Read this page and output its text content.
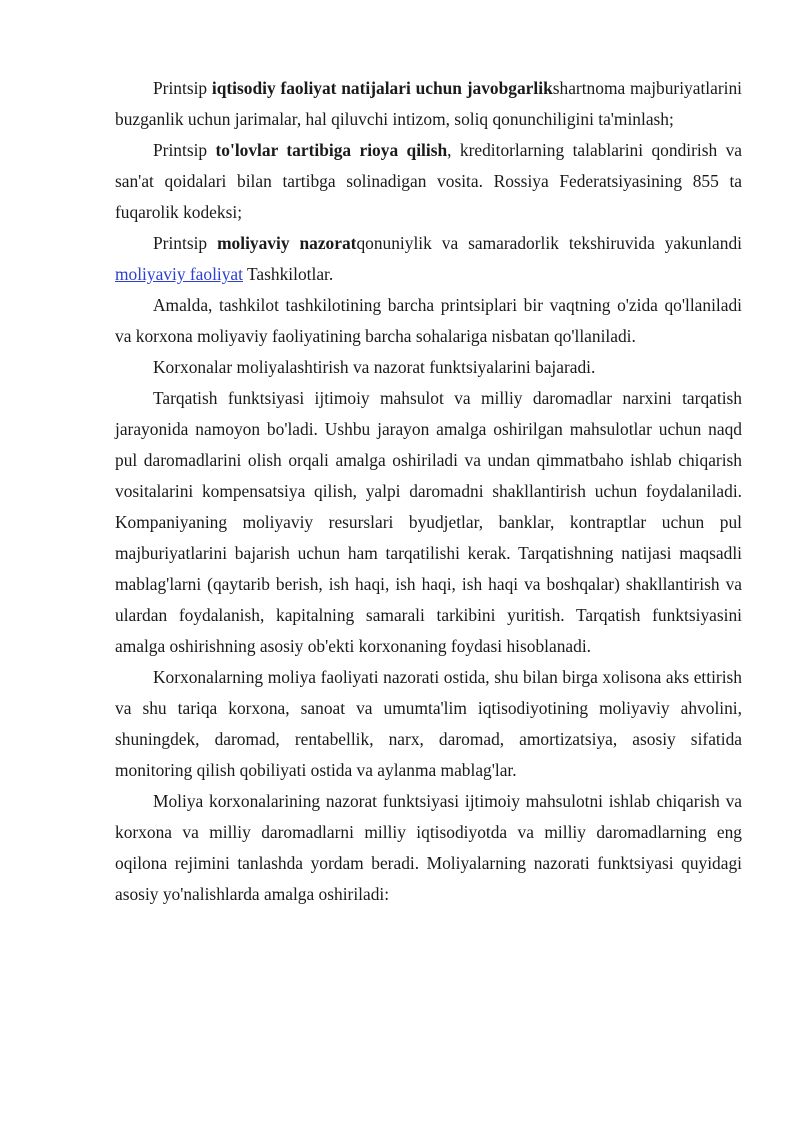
Printsip iqtisodiy faoliyat natijalari uchun javobgarlikshartnoma majburiyatlarini buzganlik uchun jarimalar, hal qiluvchi intizom, soliq qonunchiligini ta'minlash;

Printsip to'lovlar tartibiga rioya qilish, kreditorlarning talablarini qondirish va san'at qoidalari bilan tartibga solinadigan vosita. Rossiya Federatsiyasining 855 ta fuqarolik kodeksi;

Printsip moliyaviy nazoratqonuniylik va samaradorlik tekshiruvida yakunlandi moliyaviy faoliyat Tashkilotlar.

Amalda, tashkilot tashkilotining barcha printsiplari bir vaqtning o'zida qo'llaniladi va korxona moliyaviy faoliyatining barcha sohalariga nisbatan qo'llaniladi.

Korxonalar moliyalashtirish va nazorat funktsiyalarini bajaradi.

Tarqatish funktsiyasi ijtimoiy mahsulot va milliy daromadlar narxini tarqatish jarayonida namoyon bo'ladi. Ushbu jarayon amalga oshirilgan mahsulotlar uchun naqd pul daromadlarini olish orqali amalga oshiriladi va undan qimmatbaho ishlab chiqarish vositalarini kompensatsiya qilish, yalpi daromadni shakllantirish uchun foydalaniladi. Kompaniyaning moliyaviy resurslari byudjetlar, banklar, kontraptlar uchun pul majburiyatlarini bajarish uchun ham tarqatilishi kerak. Tarqatishning natijasi maqsadli mablag'larni (qaytarib berish, ish haqi, ish haqi, ish haqi va boshqalar) shakllantirish va ulardan foydalanish, kapitalning samarali tarkibini yuritish. Tarqatish funktsiyasini amalga oshirishning asosiy ob'ekti korxonaning foydasi hisoblanadi.

Korxonalarning moliya faoliyati nazorati ostida, shu bilan birga xolisona aks ettirish va shu tariqa korxona, sanoat va umumta'lim iqtisodiyotining moliyaviy ahvolini, shuningdek, daromad, rentabellik, narx, daromad, amortizatsiya, asosiy sifatida monitoring qilish qobiliyati ostida va aylanma mablag'lar.

Moliya korxonalarining nazorat funktsiyasi ijtimoiy mahsulotni ishlab chiqarish va korxona va milliy daromadlarni milliy iqtisodiyotda va milliy daromadlarning eng oqilona rejimini tanlashda yordam beradi. Moliyalarning nazorati funktsiyasi quyidagi asosiy yo'nalishlarda amalga oshiriladi:
